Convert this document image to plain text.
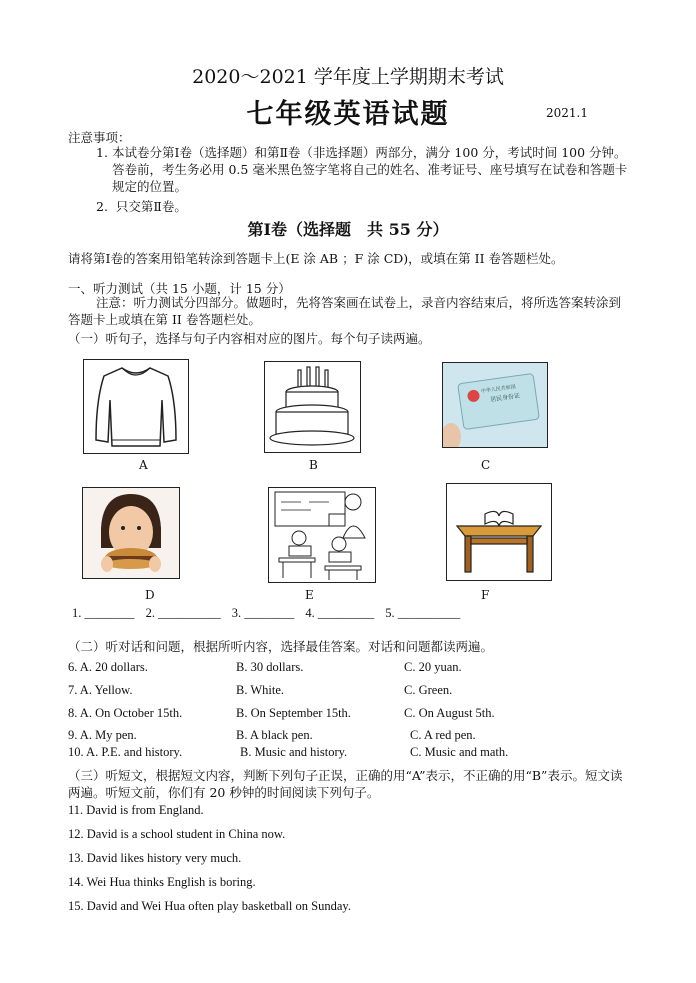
2020～2021 学年度上学期期末考试
七年级英语试题	2021.1
注意事项：
1. 本试卷分第Ⅰ卷（选择题）和第Ⅱ卷（非选择题）两部分，满分 100 分，考试时间 100 分钟。答卷前，考生务必用 0.5 毫米黑色签字笔将自己的姓名、准考证号、座号填写在试卷和答题卡规定的位置。
2. 只交第Ⅱ卷。
第Ⅰ卷（选择题　共 55 分）
请将第Ⅰ卷的答案用铅笔转涂到答题卡上(E 涂 AB ；F 涂 CD)，或填在第 II 卷答题栏处。
一、听力测试（共 15 小题，计 15 分）
注意：听力测试分四部分。做题时，先将答案画在试卷上，录音内容结束后，将所选答案转涂到答题卡上或填在第 II 卷答题栏处。
（一）听句子，选择与句子内容相对应的图片。每个句子读两遍。
A	B
中华人民共和国
居民身份证
C
D	E	F
1. ________ 2. __________ 3. ________ 4. _________ 5. __________
（二）听对话和问题，根据所听内容，选择最佳答案。对话和问题都读两遍。
6. A. 20 dollars.	B. 30 dollars.	C. 20 yuan.
7. A. Yellow.	B. White.	C. Green.
8. A. On October 15th.	B. On September 15th.	C. On August 5th.
9. A. My pen.	B. A black pen.	C. A red pen.
10. A. P.E. and history.	B. Music and history.	C. Music and math.
（三）听短文，根据短文内容，判断下列句子正误，正确的用“A”表示，不正确的用“B”表示。短文读两遍。听短文前，你们有 20 秒钟的时间阅读下列句子。
11. David is from England.
12. David is a school student in China now.
13. David likes history very much.
14. Wei Hua thinks English is boring.
15. David and Wei Hua often play basketball on Sunday.
